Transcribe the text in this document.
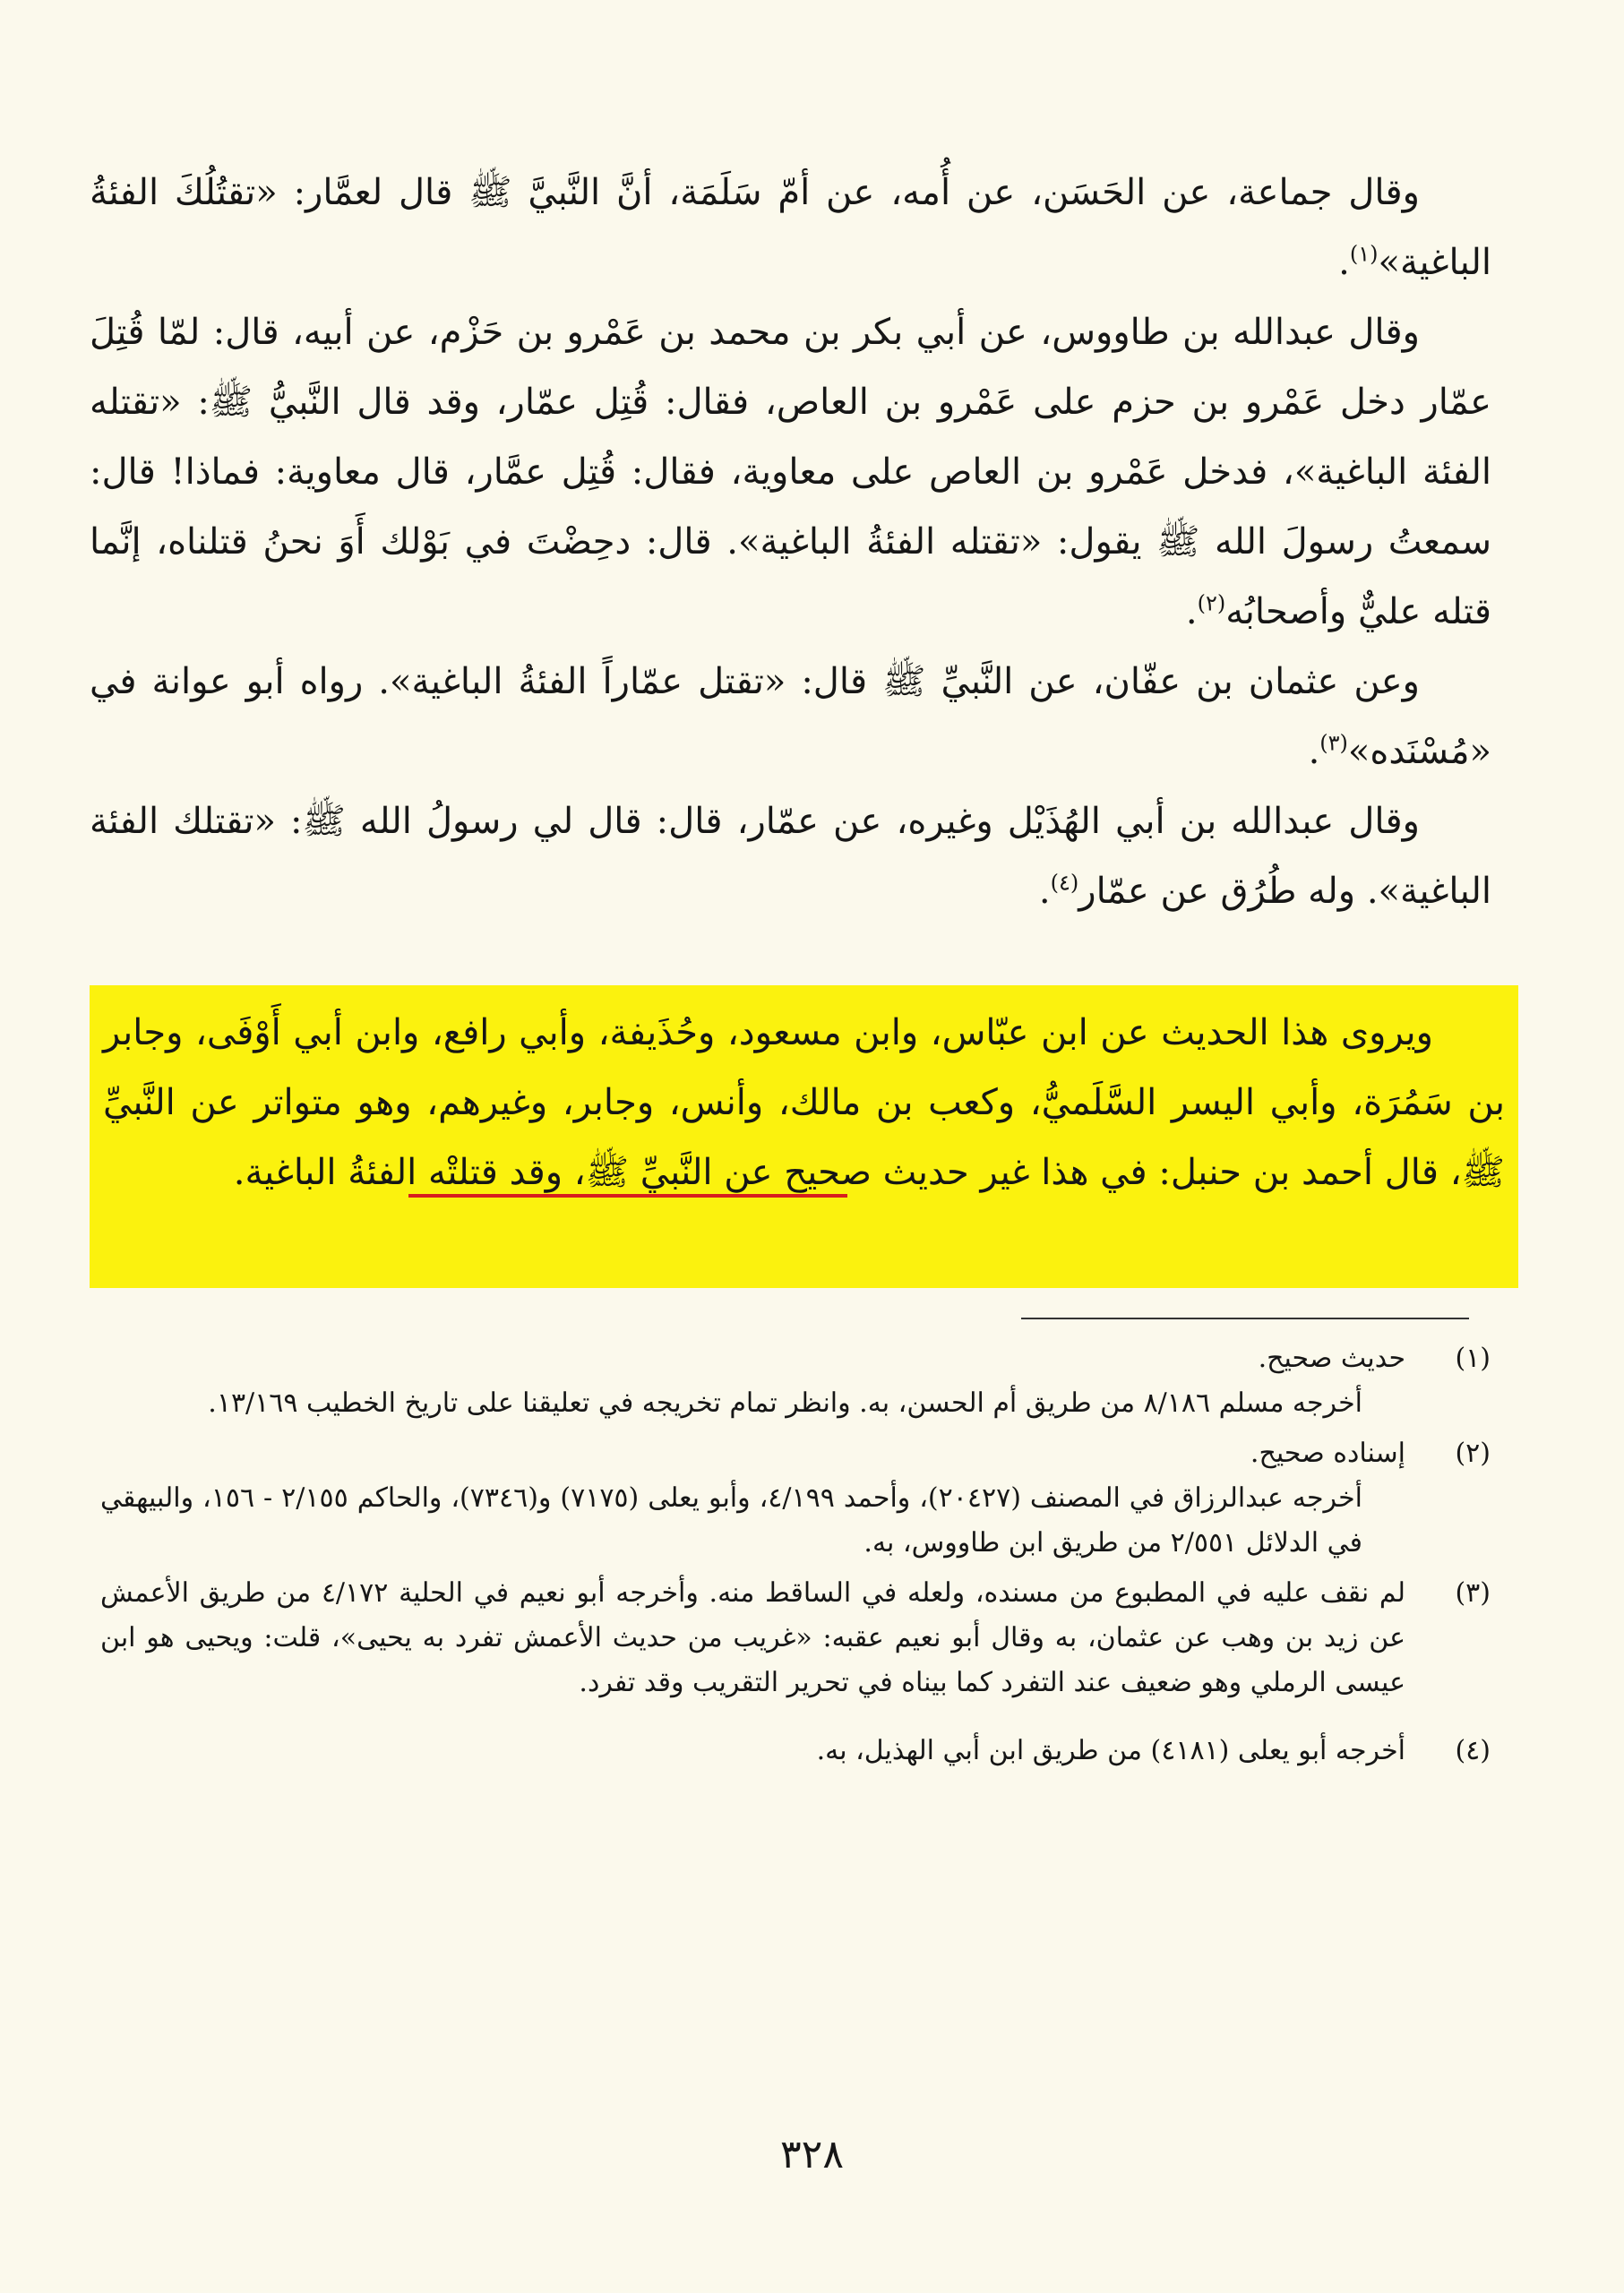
وقال جماعة، عن الحَسَن، عن أُمه، عن أمّ سَلَمَة، أنَّ النَّبيَّ ﷺ قال لعمَّار: «تقتُلُكَ الفئةُ الباغية»$^{(١)}$.

وقال عبدالله بن طاووس، عن أبي بكر بن محمد بن عَمْرو بن حَزْم، عن أبيه، قال: لمّا قُتِلَ عمّار دخل عَمْرو بن حزم على عَمْرو بن العاص، فقال: قُتِل عمّار، وقد قال النَّبيُّ ﷺ: «تقتله الفئة الباغية»، فدخل عَمْرو بن العاص على معاوية، فقال: قُتِل عمَّار، قال معاوية: فماذا! قال: سمعتُ رسولَ الله ﷺ يقول: «تقتله الفئةُ الباغية». قال: دحِضْتَ في بَوْلك أَوَ نحنُ قتلناه، إنَّما قتله عليٌّ وأصحابُه$^{(٢)}$.

وعن عثمان بن عفّان، عن النَّبيِّ ﷺ قال: «تقتل عمّاراً الفئةُ الباغية». رواه أبو عوانة في «مُسْنَده»$^{(٣)}$.

وقال عبدالله بن أبي الهُذَيْل وغيره، عن عمّار، قال: قال لي رسولُ الله ﷺ: «تقتلك الفئة الباغية». وله طُرُق عن عمّار$^{(٤)}$.

ويروى هذا الحديث عن ابن عبّاس، وابن مسعود، وحُذَيفة، وأبي رافع، وابن أبي أَوْفَى، وجابر بن سَمُرَة، وأبي اليسر السَّلَميُّ، وكعب بن مالك، وأنس، وجابر، وغيرهم، وهو متواتر عن النَّبيِّ ﷺ، قال أحمد بن حنبل: في هذا غير حديث صحيح عن النَّبيِّ ﷺ، وقد قتلتْه الفئةُ الباغية.

(١)
حديث صحيح.
أخرجه مسلم ٨/١٨٦ من طريق أم الحسن، به. وانظر تمام تخريجه في تعليقنا على تاريخ الخطيب ١٣/١٦٩.
(٢)
إسناده صحيح.
أخرجه عبدالرزاق في المصنف (٢٠٤٢٧)، وأحمد ٤/١٩٩، وأبو يعلى (٧١٧٥) و(٧٣٤٦)، والحاكم ٢/١٥٥ - ١٥٦، والبيهقي في الدلائل ٢/٥٥١ من طريق ابن طاووس، به.
(٣)
لم نقف عليه في المطبوع من مسنده، ولعله في الساقط منه. وأخرجه أبو نعيم في الحلية ٤/١٧٢ من طريق الأعمش عن زيد بن وهب عن عثمان، به وقال أبو نعيم عقبه: «غريب من حديث الأعمش تفرد به يحيى»، قلت: ويحيى هو ابن عيسى الرملي وهو ضعيف عند التفرد كما بيناه في تحرير التقريب وقد تفرد.
(٤)
أخرجه أبو يعلى (٤١٨١) من طريق ابن أبي الهذيل، به.
٣٢٨
